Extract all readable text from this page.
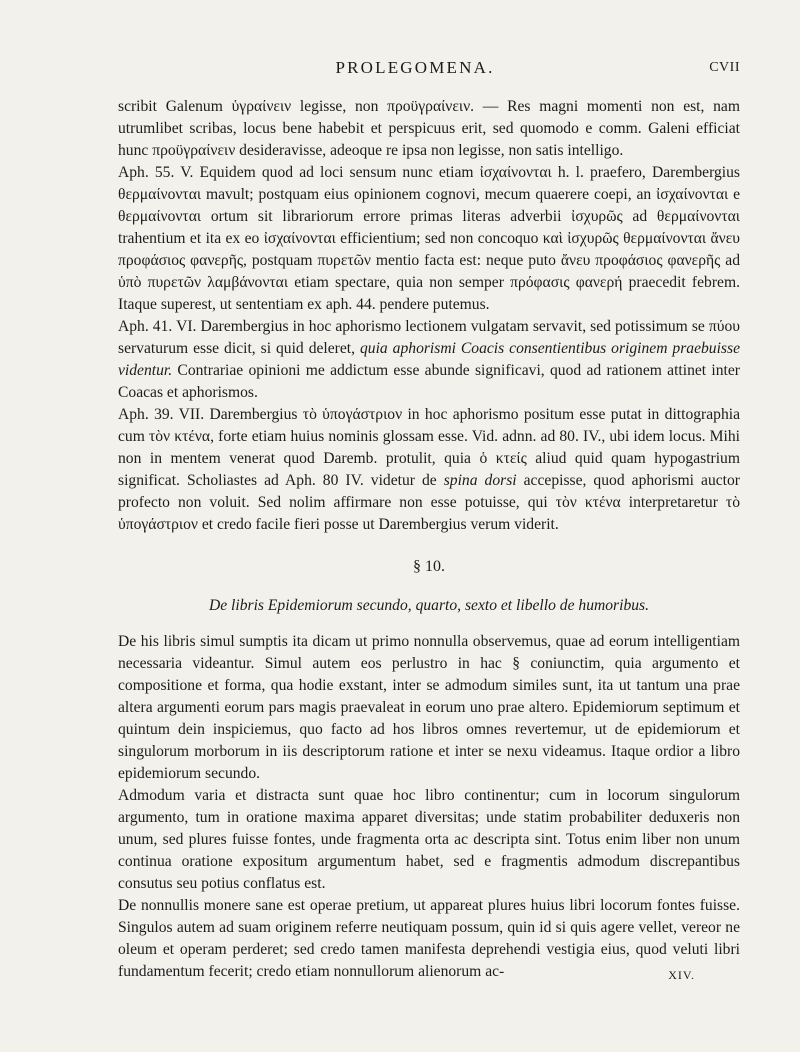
PROLEGOMENA.	CVII

scribit Galenum ὑγραίνειν legisse, non προϋγραίνειν. — Res magni momenti non est, nam utrumlibet scribas, locus bene habebit et perspicuus erit, sed quomodo e comm. Galeni efficiat hunc προϋγραίνειν desideravisse, adeoque re ipsa non legisse, non satis intelligo.

Aph. 55. V. Equidem quod ad loci sensum nunc etiam ἰσχαίνονται h. l. praefero, Darembergius θερμαίνονται mavult; postquam eius opinionem cognovi, mecum quaerere coepi, an ἰσχαίνονται e θερμαίνονται ortum sit librariorum errore primas literas adverbii ἰσχυρῶς ad θερμαίνονται trahentium et ita ex eo ἰσχαίνονται efficientium; sed non concoquo καὶ ἰσχυρῶς θερμαίνονται ἄνευ προφάσιος φανερῆς, postquam πυρετῶν mentio facta est: neque puto ἄνευ προφάσιος φανερῆς ad ὑπὸ πυρετῶν λαμβάνονται etiam spectare, quia non semper πρόφασις φανερή praecedit febrem. Itaque superest, ut sententiam ex aph. 44. pendere putemus.

Aph. 41. VI. Darembergius in hoc aphorismo lectionem vulgatam servavit, sed potissimum se πύου servaturum esse dicit, si quid deleret, quia aphorismi Coacis consentientibus originem praebuisse videntur. Contrariae opinioni me addictum esse abunde significavi, quod ad rationem attinet inter Coacas et aphorismos.

Aph. 39. VII. Darembergius τὸ ὑπογάστριον in hoc aphorismo positum esse putat in dittographia cum τὸν κτένα, forte etiam huius nominis glossam esse. Vid. adnn. ad 80. IV., ubi idem locus. Mihi non in mentem venerat quod Daremb. protulit, quia ὁ κτείς aliud quid quam hypogastrium significat. Scholiastes ad Aph. 80 IV. videtur de spina dorsi accepisse, quod aphorismi auctor profecto non voluit. Sed nolim affirmare non esse potuisse, qui τὸν κτένα interpretaretur τὸ ὑπογάστριον et credo facile fieri posse ut Darembergius verum viderit.

§ 10.
De libris Epidemiorum secundo, quarto, sexto et libello de humoribus.

De his libris simul sumptis ita dicam ut primo nonnulla observemus, quae ad eorum intelligentiam necessaria videantur. Simul autem eos perlustro in hac § coniunctim, quia argumento et compositione et forma, qua hodie exstant, inter se admodum similes sunt, ita ut tantum una prae altera argumenti eorum pars magis praevaleat in eorum uno prae altero. Epidemiorum septimum et quintum dein inspiciemus, quo facto ad hos libros omnes revertemur, ut de epidemiorum et singulorum morborum in iis descriptorum ratione et inter se nexu videamus. Itaque ordior a libro epidemiorum secundo.

Admodum varia et distracta sunt quae hoc libro continentur; cum in locorum singulorum argumento, tum in oratione maxima apparet diversitas; unde statim probabiliter deduxeris non unum, sed plures fuisse fontes, unde fragmenta orta ac descripta sint. Totus enim liber non unum continua oratione expositum argumentum habet, sed e fragmentis admodum discrepantibus consutus seu potius conflatus est.

De nonnullis monere sane est operae pretium, ut appareat plures huius libri locorum fontes fuisse. Singulos autem ad suam originem referre neutiquam possum, quin id si quis agere vellet, vereor ne oleum et operam perderet; sed credo tamen manifesta deprehendi vestigia eius, quod veluti libri fundamentum fecerit; credo etiam nonnullorum alienorum ac-	XIV.
